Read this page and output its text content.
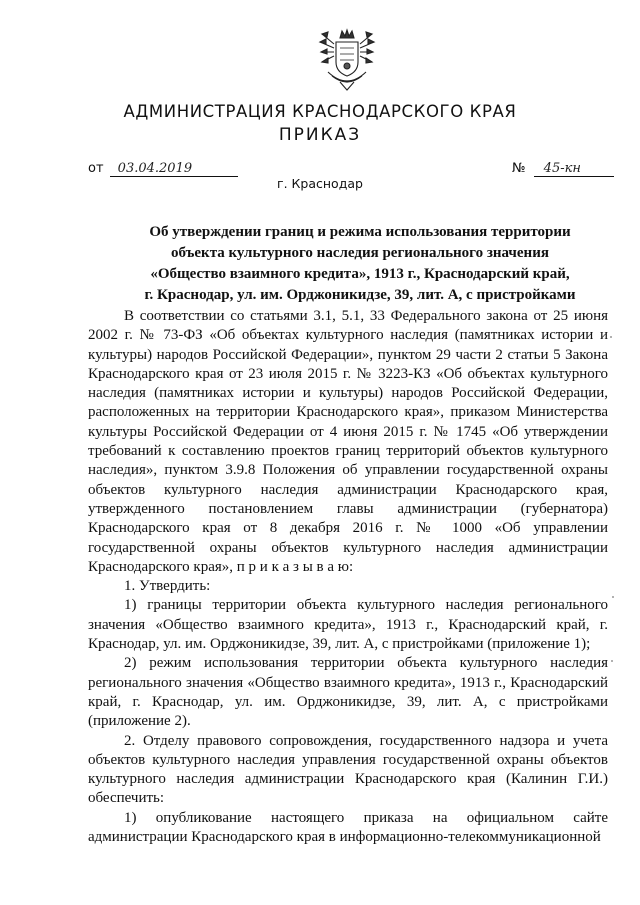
АДМИНИСТРАЦИЯ КРАСНОДАРСКОГО КРАЯ
ПРИКАЗ
от 03.04.2019	№ 45-кн
г. Краснодар
Об утверждении границ и режима использования территории
объекта культурного наследия регионального значения
«Общество взаимного кредита», 1913 г., Краснодарский край,
г. Краснодар, ул. им. Орджоникидзе, 39, лит. А, с пристройками

В соответствии со статьями 3.1, 5.1, 33 Федерального закона от 25 июня 2002 г. № 73-ФЗ «Об объектах культурного наследия (памятниках истории и культуры) народов Российской Федерации», пунктом 29 части 2 статьи 5 Закона Краснодарского края от 23 июля 2015 г. № 3223-КЗ «Об объектах культурного наследия (памятниках истории и культуры) народов Российской Федерации, расположенных на территории Краснодарского края», приказом Министерства культуры Российской Федерации от 4 июня 2015 г. № 1745 «Об утверждении требований к составлению проектов границ территорий объектов культурного наследия», пунктом 3.9.8 Положения об управлении государственной охраны объектов культурного наследия администрации Краснодарского края, утвержденного постановлением главы администрации (губернатора) Краснодарского края от 8 декабря 2016 г. № 1000 «Об управлении государственной охраны объектов культурного наследия администрации Краснодарского края», п р и к а з ы в а ю:

1. Утвердить:

1) границы территории объекта культурного наследия регионального значения «Общество взаимного кредита», 1913 г., Краснодарский край, г. Краснодар, ул. им. Орджоникидзе, 39, лит. А, с пристройками (приложение 1);

2) режим использования территории объекта культурного наследия регионального значения «Общество взаимного кредита», 1913 г., Краснодарский край, г. Краснодар, ул. им. Орджоникидзе, 39, лит. А, с пристройками (приложение 2).

2. Отделу правового сопровождения, государственного надзора и учета объектов культурного наследия управления государственной охраны объектов культурного наследия администрации Краснодарского края (Калинин Г.И.) обеспечить:

1) опубликование настоящего приказа на официальном сайте администрации Краснодарского края в информационно-телекоммуникационной
